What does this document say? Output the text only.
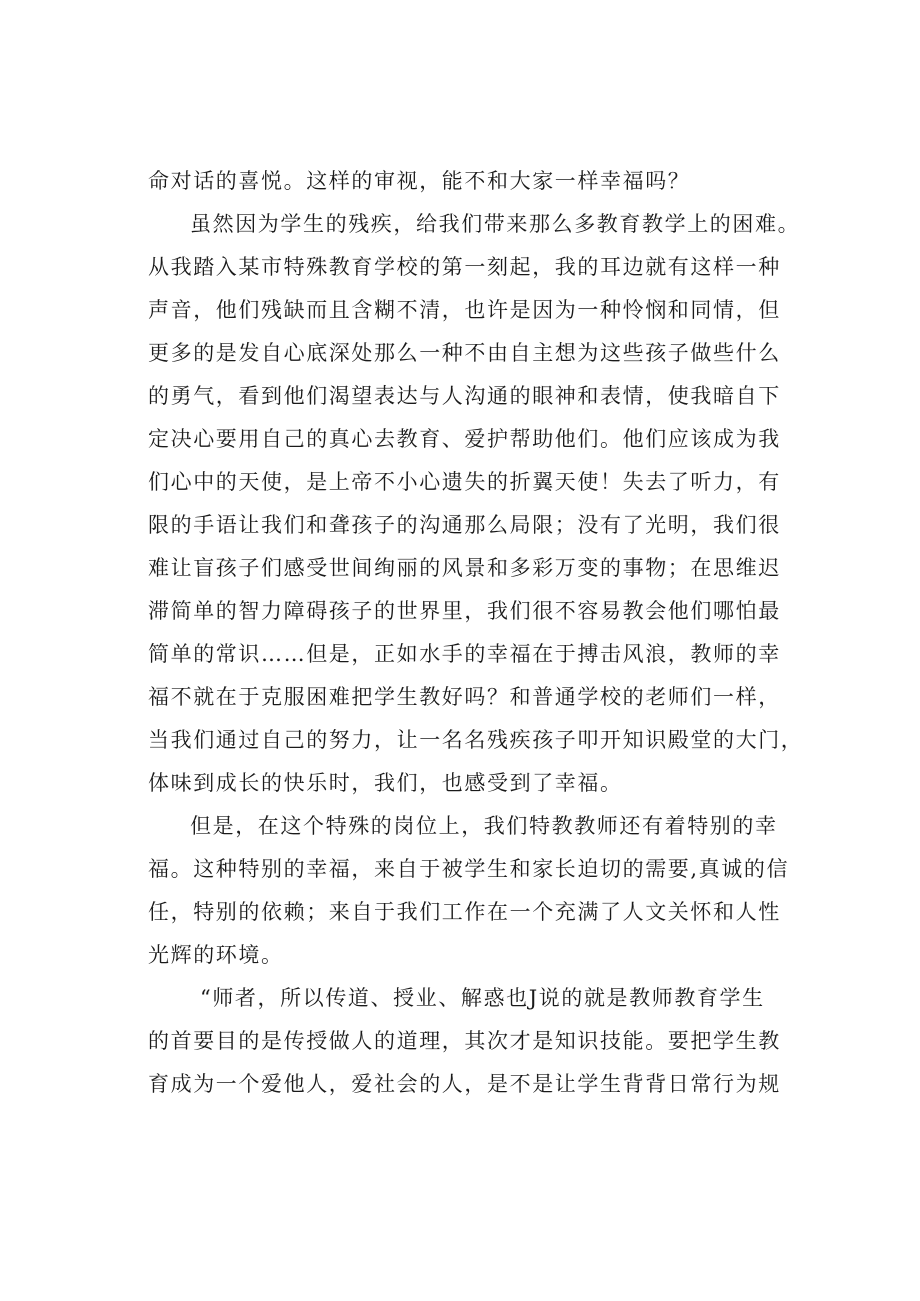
命对话的喜悦。这样的审视，能不和大家一样幸福吗？
虽然因为学生的残疾，给我们带来那么多教育教学上的困难。
从我踏入某市特殊教育学校的第一刻起，我的耳边就有这样一种
声音，他们残缺而且含糊不清，也许是因为一种怜悯和同情，但
更多的是发自心底深处那么一种不由自主想为这些孩子做些什么
的勇气，看到他们渴望表达与人沟通的眼神和表情，使我暗自下
定决心要用自己的真心去教育、爱护帮助他们。他们应该成为我
们心中的天使，是上帝不小心遗失的折翼天使！失去了听力，有
限的手语让我们和聋孩子的沟通那么局限；没有了光明，我们很
难让盲孩子们感受世间绚丽的风景和多彩万变的事物；在思维迟
滞简单的智力障碍孩子的世界里，我们很不容易教会他们哪怕最
简单的常识……但是，正如水手的幸福在于搏击风浪，教师的幸
福不就在于克服困难把学生教好吗？和普通学校的老师们一样，
当我们通过自己的努力，让一名名残疾孩子叩开知识殿堂的大门，
体味到成长的快乐时，我们，也感受到了幸福。
但是，在这个特殊的岗位上，我们特教教师还有着特别的幸
福。这种特别的幸福，来自于被学生和家长迫切的需要,真诚的信
任，特别的依赖；来自于我们工作在一个充满了人文关怀和人性
光辉的环境。
“师者，所以传道、授业、解惑也J说的就是教师教育学生
的首要目的是传授做人的道理，其次才是知识技能。要把学生教
育成为一个爱他人，爱社会的人，是不是让学生背背日常行为规
